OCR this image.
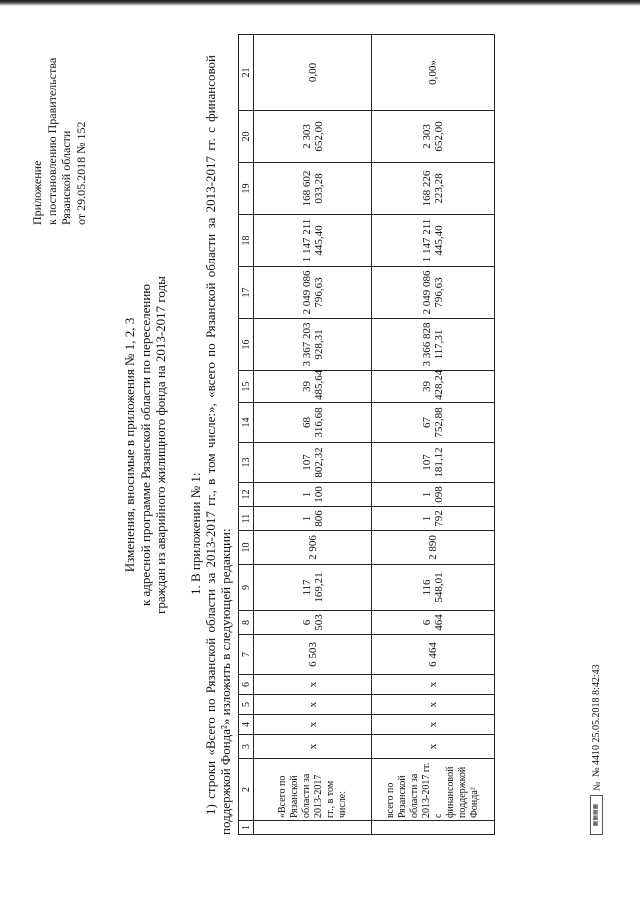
Приложение к постановлению Правительства Рязанской области от 29.05.2018 № 152
Изменения, вносимые в приложения № 1, 2, 3 к адресной программе Рязанской области по переселению граждан из аварийного жилищного фонда на 2013-2017 годы 1. В приложении № 1: 1) строки «Всего по Рязанской области за 2013-2017 гг., в том числе:», «всего по Рязанской области за 2013-2017 гг. с финансовой поддержкой Фонда²» изложить в следующей редакции: 1	2	3	4	5	6	7	8	9	10	11	12	13	14	15	16	17	18	19	20	21
	«Всего по Рязанской области за 2013-2017 гг., в том числе:	х	х	х	х	6 503	6 503	117 169,21	2 906	1 806	1 100	107 802,32	68 316,68	39 485,64	3 367 203 928,31	2 049 086 796,63	1 147 211 445,40	168 602 033,28	2 303 652,00	0,00
	всего по Рязанской области за 2013-2017 гг. с финансовой поддержкой Фонда²	х	х	х	х	6 464	6 464	116 548,01	2 890	1 792	1 098	107 181,12	67 752,88	39 428,24	3 366 828 117,31	2 049 086 796,63	1 147 211 445,40	168 226 223,28	2 303 652,00	0,00»
▦▦▦▦
№
№ 4410 25.05.2018 8:42:43
